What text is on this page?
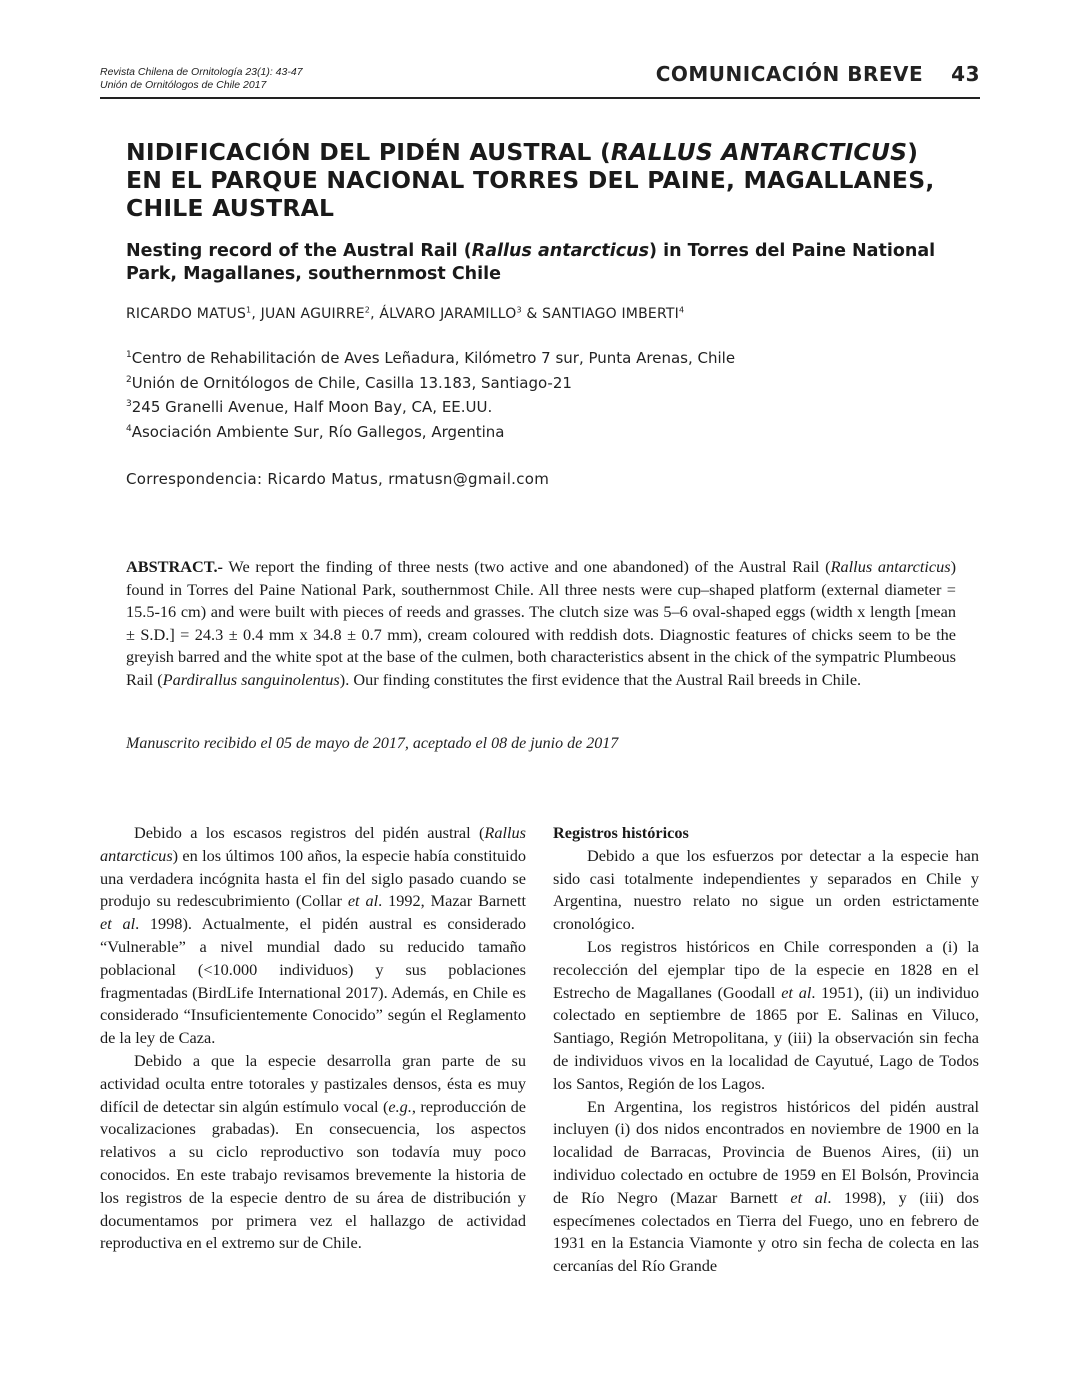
Revista Chilena de Ornitología 23(1): 43-47
Unión de Ornitólogos de Chile 2017	COMUNICACIÓN BREVE 43
NIDIFICACIÓN DEL PIDÉN AUSTRAL (RALLUS ANTARCTICUS) EN EL PARQUE NACIONAL TORRES DEL PAINE, MAGALLANES, CHILE AUSTRAL
Nesting record of the Austral Rail (Rallus antarcticus) in Torres del Paine National Park, Magallanes, southernmost Chile
RICARDO MATUS$^1$, JUAN AGUIRRE$^2$, ÁLVARO JARAMILLO$^3$ & SANTIAGO IMBERTI$^4$
$^1$Centro de Rehabilitación de Aves Leñadura, Kilómetro 7 sur, Punta Arenas, Chile
$^2$Unión de Ornitólogos de Chile, Casilla 13.183, Santiago-21
$^3$245 Granelli Avenue, Half Moon Bay, CA, EE.UU.
$^4$Asociación Ambiente Sur, Río Gallegos, Argentina
Correspondencia: Ricardo Matus, rmatusn@gmail.com
ABSTRACT.- We report the finding of three nests (two active and one abandoned) of the Austral Rail (Rallus antarcticus) found in Torres del Paine National Park, southernmost Chile. All three nests were cup–shaped platform (external diameter = 15.5-16 cm) and were built with pieces of reeds and grasses. The clutch size was 5–6 oval-shaped eggs (width x length [mean ± S.D.] = 24.3 ± 0.4 mm x 34.8 ± 0.7 mm), cream coloured with reddish dots. Diagnostic features of chicks seem to be the greyish barred and the white spot at the base of the culmen, both characteristics absent in the chick of the sympatric Plumbeous Rail (Pardirallus sanguinolentus). Our finding constitutes the first evidence that the Austral Rail breeds in Chile.
Manuscrito recibido el 05 de mayo de 2017, aceptado el 08 de junio de 2017

Debido a los escasos registros del pidén austral (Rallus antarcticus) en los últimos 100 años, la especie había constituido una verdadera incógnita hasta el fin del siglo pasado cuando se produjo su redescubrimiento (Collar et al. 1992, Mazar Barnett et al. 1998). Actualmente, el pidén austral es considerado “Vulnerable” a nivel mundial dado su reducido tamaño poblacional (<10.000 individuos) y sus poblaciones fragmentadas (BirdLife International 2017). Además, en Chile es considerado “Insuficientemente Conocido” según el Reglamento de la ley de Caza.

Debido a que la especie desarrolla gran parte de su actividad oculta entre totorales y pastizales densos, ésta es muy difícil de detectar sin algún estímulo vocal (e.g., reproducción de vocalizaciones grabadas). En consecuencia, los aspectos relativos a su ciclo reproductivo son todavía muy poco conocidos. En este trabajo revisamos brevemente la historia de los registros de la especie dentro de su área de distribución y documentamos por primera vez el hallazgo de actividad reproductiva en el extremo sur de Chile.

Registros históricos

Debido a que los esfuerzos por detectar a la especie han sido casi totalmente independientes y separados en Chile y Argentina, nuestro relato no sigue un orden estrictamente cronológico.

Los registros históricos en Chile corresponden a (i) la recolección del ejemplar tipo de la especie en 1828 en el Estrecho de Magallanes (Goodall et al. 1951), (ii) un individuo colectado en septiembre de 1865 por E. Salinas en Viluco, Santiago, Región Metropolitana, y (iii) la observación sin fecha de individuos vivos en la localidad de Cayutué, Lago de Todos los Santos, Región de los Lagos.

En Argentina, los registros históricos del pidén austral incluyen (i) dos nidos encontrados en noviembre de 1900 en la localidad de Barracas, Provincia de Buenos Aires, (ii) un individuo colectado en octubre de 1959 en El Bolsón, Provincia de Río Negro (Mazar Barnett et al. 1998), y (iii) dos especímenes colectados en Tierra del Fuego, uno en febrero de 1931 en la Estancia Viamonte y otro sin fecha de colecta en las cercanías del Río Grande
